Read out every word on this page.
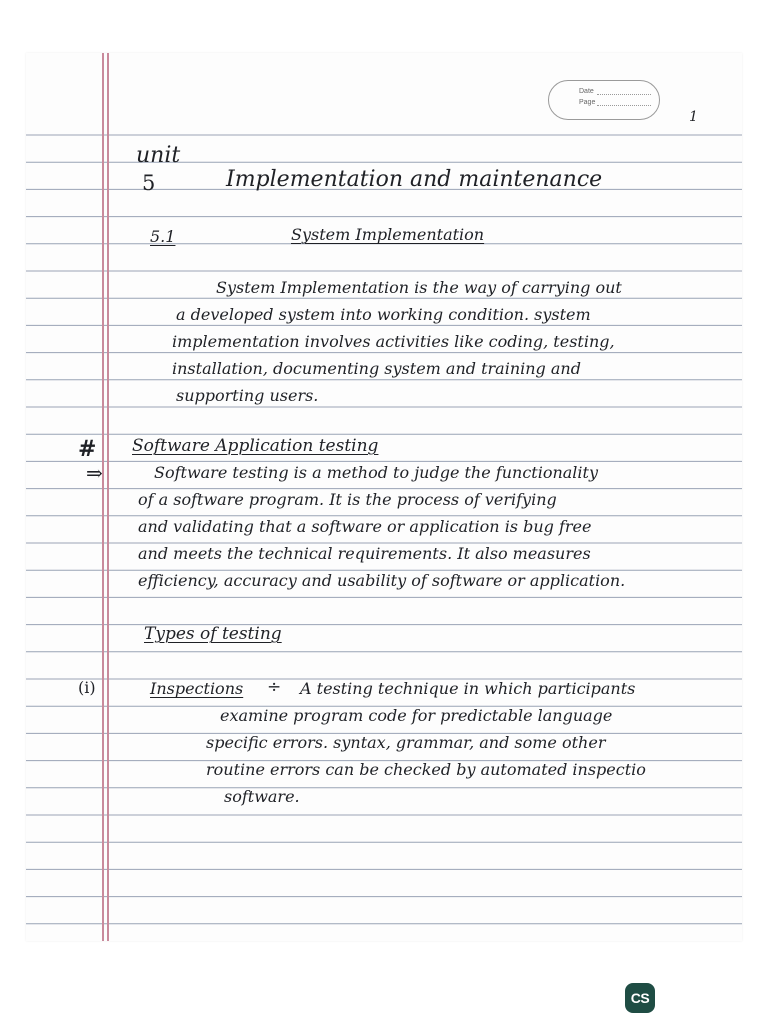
Date
Page
1
unit
5	Implementation and maintenance
5.1	System Implementation
System Implementation is the way of carrying out
a developed system into working condition. system
implementation involves activities like coding, testing,
installation, documenting system and training and
supporting users.
# Software Application testing
⇒	Software testing is a method to judge the functionality
of a software program. It is the process of verifying
and validating that a software or application is bug free
and meets the technical requirements. It also measures
efficiency, accuracy and usability of software or application.
Types of testing
(i)	Inspections ÷ A testing technique in which participants
examine program code for predictable language
specific errors. syntax, grammar, and some other
routine errors can be checked by automated inspectio
software.
CS
